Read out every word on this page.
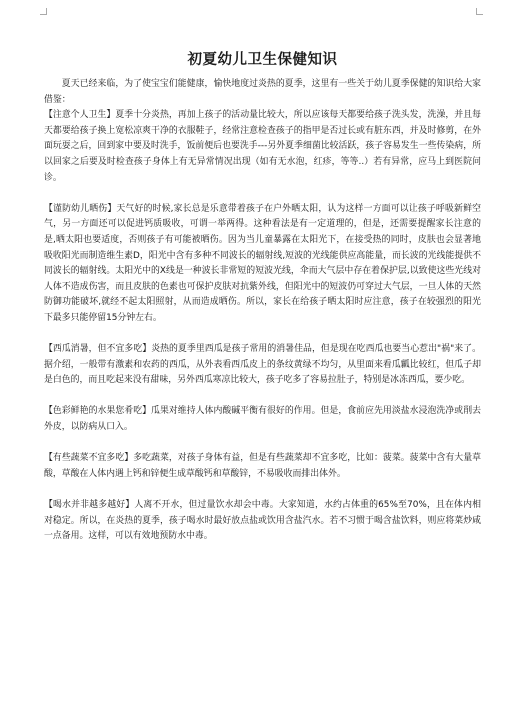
初夏幼儿卫生保健知识

夏天已经来临，为了使宝宝们能健康，愉快地度过炎热的夏季，这里有一些关于幼儿夏季保健的知识给大家借鉴：

【注意个人卫生】夏季十分炎热，再加上孩子的活动量比较大，所以应该每天都要给孩子洗头发，洗澡，并且每天都要给孩子换上宽松凉爽干净的衣服鞋子，经常注意检查孩子的指甲是否过长或有脏东西，并及时修剪，在外面玩耍之后，回到家中要及时洗手，饭前便后也要洗手---另外夏季细菌比较活跃，孩子容易发生一些传染病，所以回家之后要及时检查孩子身体上有无异常情况出现（如有无水泡，红疹，等等..）若有异常，应马上到医院问诊。

【谨防幼儿晒伤】天气好的时候,家长总是乐意带着孩子在户外晒太阳，认为这样一方面可以让孩子呼吸新鲜空气，另一方面还可以促进钙质吸收，可谓一举两得。这种看法是有一定道理的，但是，还需要提醒家长注意的是,晒太阳也要适度，否则孩子有可能被晒伤。因为当儿童暴露在太阳光下，在接受热的同时，皮肤也会显著地吸收阳光而制造维生素D，阳光中含有多种不同波长的辐射线,短波的光线能供应高能量，而长波的光线能提供不同波长的辐射线。太阳光中的X线是一种波长非常短的短波光线，伞而大气层中存在着保护层,以致使这些光线对人体不造成伤害，而且皮肤的色素也可保护皮肤对抗紫外线，但阳光中的短波仍可穿过大气层，一旦人体的天然防御功能破坏,就经不起太阳照射，从而造成晒伤。所以，家长在给孩子晒太阳时应注意，孩子在较强烈的阳光下最多只能停留15分钟左右。

【西瓜消暑，但不宜多吃】炎热的夏季里西瓜是孩子常用的消暑佳品，但是现在吃西瓜也要当心惹出"祸"来了。据介绍，一般带有激素和农药的西瓜，从外表看西瓜皮上的条纹黄绿不均匀，从里面来看瓜瓤比较红，但瓜子却是白色的，而且吃起来没有甜味，另外西瓜寒凉比较大，孩子吃多了容易拉肚子，特别是冰冻西瓜，要少吃。

【色彩鲜艳的水果您肴吃】瓜果对维持人体内酸碱平衡有很好的作用。但是，食前应先用淡盐水浸泡洗净或削去外皮，以防病从口入。

【有些蔬菜不宜多吃】多吃蔬菜，对孩子身体有益，但是有些蔬菜却不宜多吃，比如：菠菜。菠菜中含有大量草酸，草酸在人体内遇上钙和锌便生成草酸钙和草酸锌，不易吸收而排出体外。

【喝水并非越多越好】人离不开水，但过量饮水却会中毒。大家知道，水约占体重的65%至70%，且在体内相对稳定。所以，在炎热的夏季，孩子喝水时最好放点盐或饮用含盐汽水。若不习惯于喝含盐饮料，则应将菜炒咸一点备用。这样，可以有效地预防水中毒。
